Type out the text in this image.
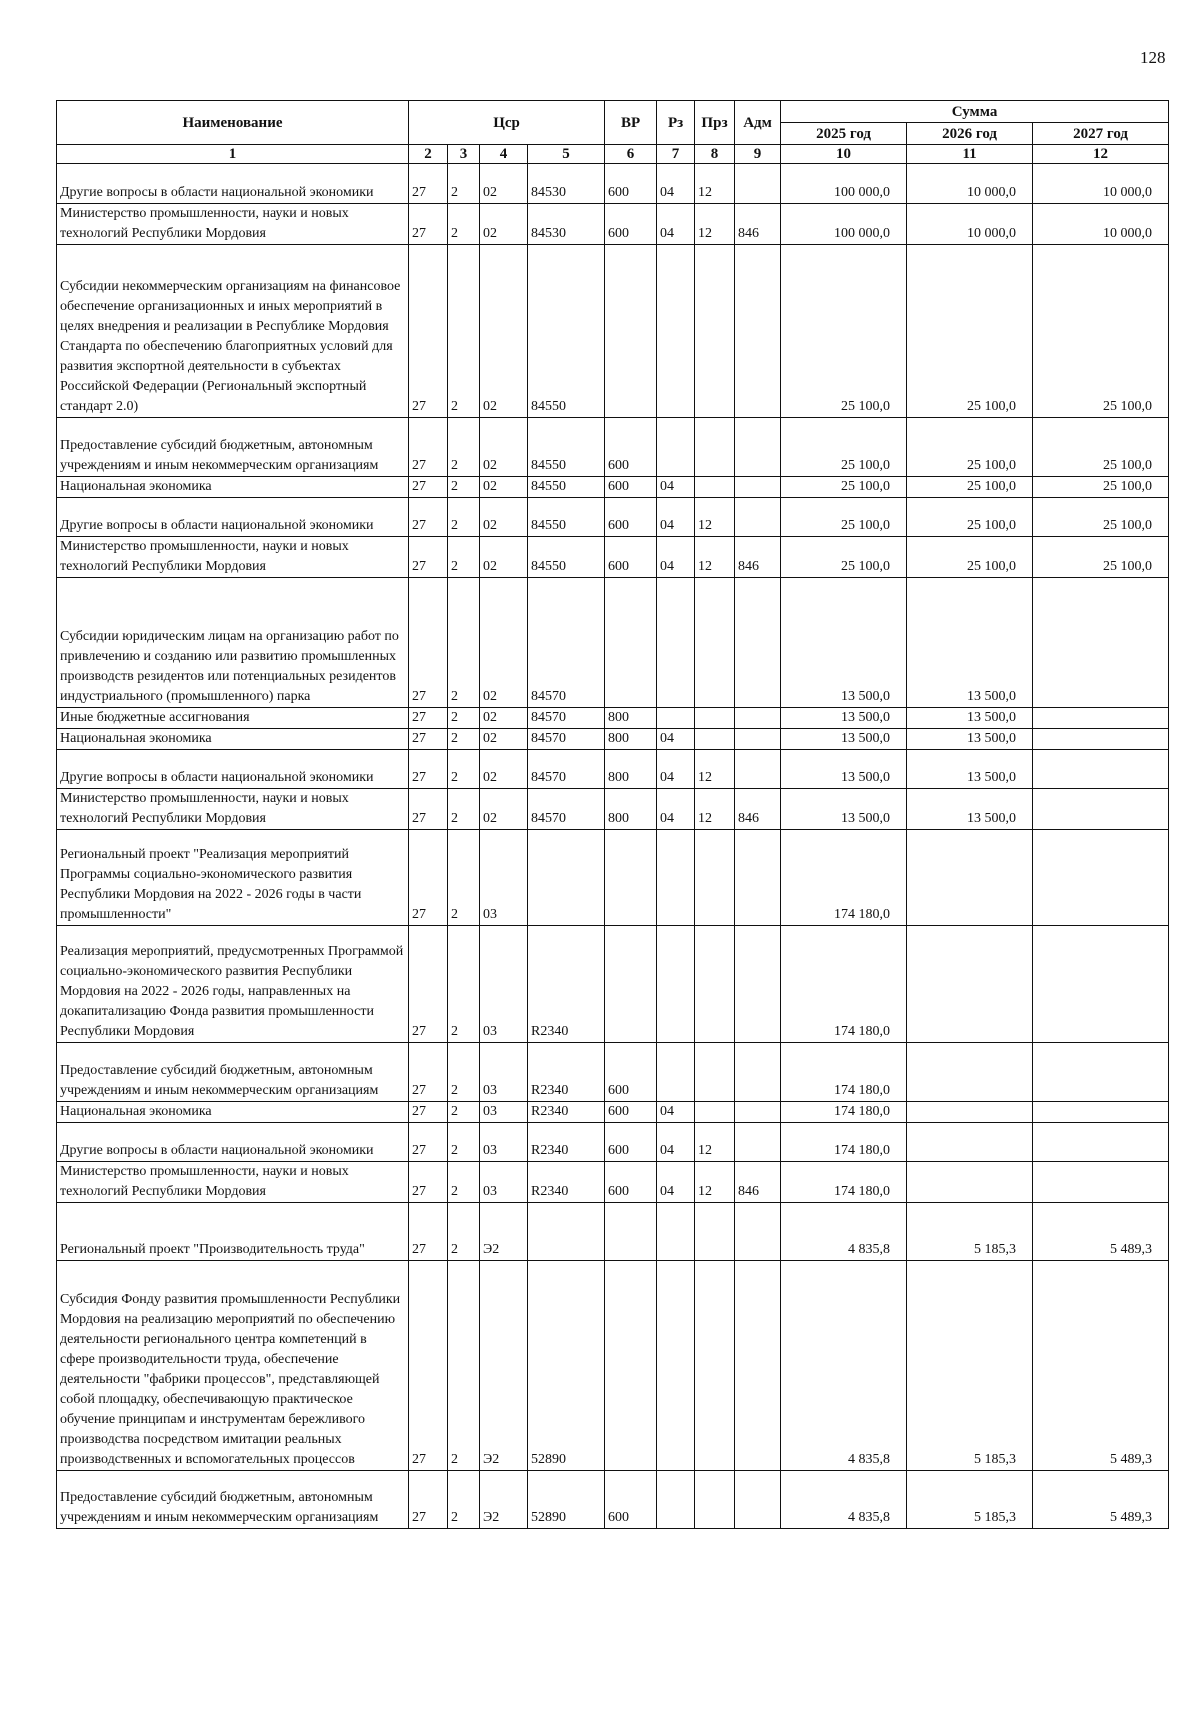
128
Наименование	Цср				ВР	Рз	Прз	Адм	Сумма		
									2025 год	2026 год	2027 год
1	2	3	4	5	6	7	8	9	10	11	12
Другие вопросы в области национальной экономики	27	2	02	84530	600	04	12		100 000,0	10 000,0	10 000,0
Министерство промышленности, науки и новых технологий Республики Мордовия	27	2	02	84530	600	04	12	846	100 000,0	10 000,0	10 000,0
Субсидии некоммерческим организациям на финансовое обеспечение организационных и иных мероприятий в целях внедрения и реализации в Республике Мордовия Стандарта по обеспечению благоприятных условий для развития экспортной деятельности в субъектах Российской Федерации (Региональный экспортный стандарт 2.0)	27	2	02	84550					25 100,0	25 100,0	25 100,0
Предоставление субсидий бюджетным, автономным учреждениям и иным некоммерческим организациям	27	2	02	84550	600				25 100,0	25 100,0	25 100,0
Национальная экономика	27	2	02	84550	600	04			25 100,0	25 100,0	25 100,0
Другие вопросы в области национальной экономики	27	2	02	84550	600	04	12		25 100,0	25 100,0	25 100,0
Министерство промышленности, науки и новых технологий Республики Мордовия	27	2	02	84550	600	04	12	846	25 100,0	25 100,0	25 100,0
Субсидии юридическим лицам на организацию работ по привлечению и созданию или развитию промышленных производств резидентов или потенциальных резидентов индустриального (промышленного) парка	27	2	02	84570					13 500,0	13 500,0	
Иные бюджетные ассигнования	27	2	02	84570	800				13 500,0	13 500,0	
Национальная экономика	27	2	02	84570	800	04			13 500,0	13 500,0	
Другие вопросы в области национальной экономики	27	2	02	84570	800	04	12		13 500,0	13 500,0	
Министерство промышленности, науки и новых технологий Республики Мордовия	27	2	02	84570	800	04	12	846	13 500,0	13 500,0	
Региональный проект "Реализация мероприятий Программы социально-экономического развития Республики Мордовия на 2022 - 2026 годы в части промышленности"	27	2	03						174 180,0		
Реализация мероприятий, предусмотренных Программой социально-экономического развития Республики Мордовия на 2022 - 2026 годы, направленных на докапитализацию Фонда развития промышленности Республики Мордовия	27	2	03	R2340					174 180,0		
Предоставление субсидий бюджетным, автономным учреждениям и иным некоммерческим организациям	27	2	03	R2340	600				174 180,0		
Национальная экономика	27	2	03	R2340	600	04			174 180,0		
Другие вопросы в области национальной экономики	27	2	03	R2340	600	04	12		174 180,0		
Министерство промышленности, науки и новых технологий Республики Мордовия	27	2	03	R2340	600	04	12	846	174 180,0		
Региональный проект "Производительность труда"	27	2	Э2						4 835,8	5 185,3	5 489,3
Субсидия Фонду развития промышленности Республики Мордовия на реализацию мероприятий по обеспечению деятельности регионального центра компетенций в сфере производительности труда, обеспечение деятельности "фабрики процессов", представляющей собой площадку, обеспечивающую практическое обучение принципам и инструментам бережливого производства посредством имитации реальных производственных и вспомогательных процессов	27	2	Э2	52890					4 835,8	5 185,3	5 489,3
Предоставление субсидий бюджетным, автономным учреждениям и иным некоммерческим организациям	27	2	Э2	52890	600				4 835,8	5 185,3	5 489,3
